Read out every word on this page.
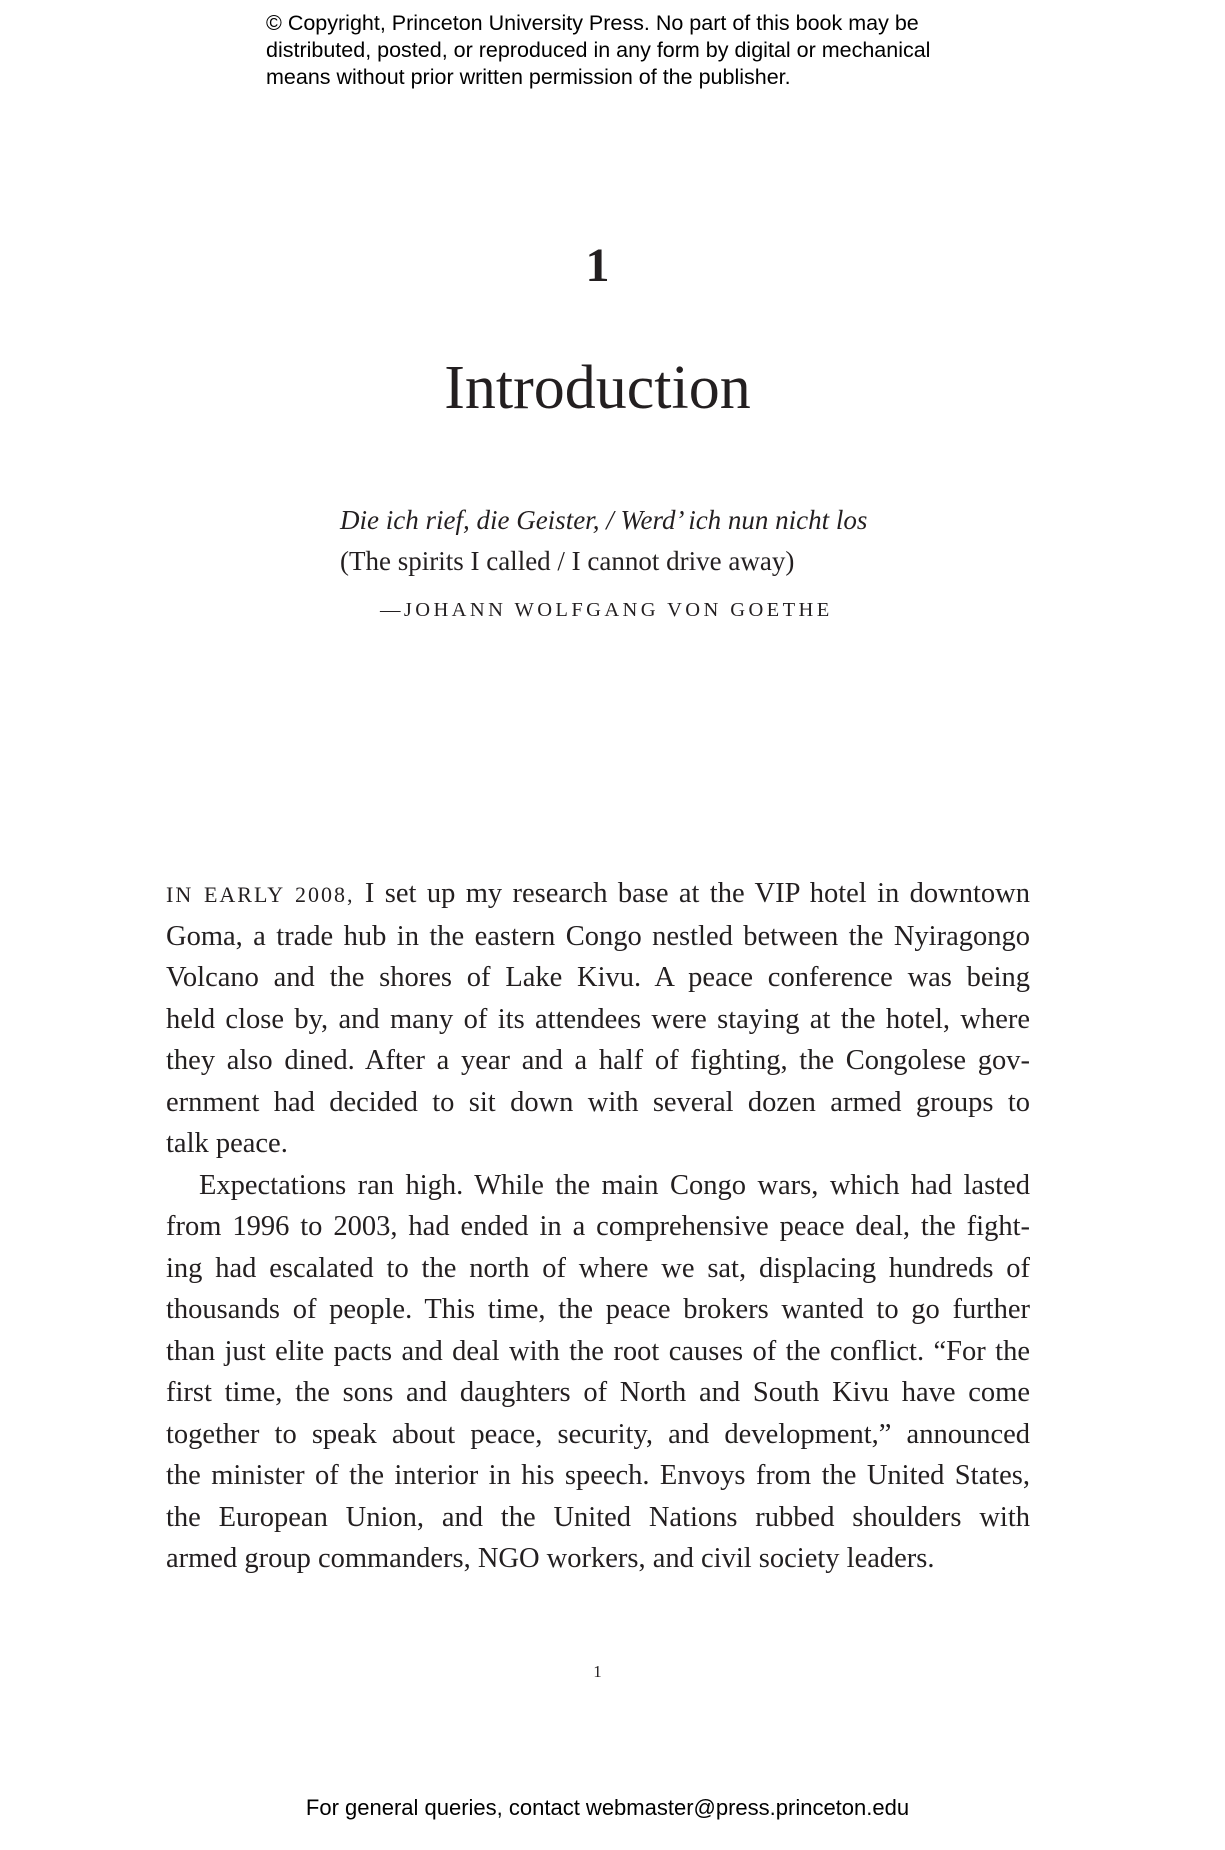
© Copyright, Princeton University Press. No part of this book may be
distributed, posted, or reproduced in any form by digital or mechanical
means without prior written permission of the publisher.
1
Introduction
Die ich rief, die Geister, / Werd’ ich nun nicht los
(The spirits I called / I cannot drive away)
—JOHANN WOLFGANG VON GOETHE
IN EARLY 2008, I set up my research base at the VIP hotel in downtown
Goma, a trade hub in the eastern Congo nestled between the Nyiragongo
Volcano and the shores of Lake Kivu. A peace conference was being
held close by, and many of its attendees were staying at the hotel, where
they also dined. After a year and a half of fighting, the Congolese gov-
ernment had decided to sit down with several dozen armed groups to
talk peace.
Expectations ran high. While the main Congo wars, which had lasted
from 1996 to 2003, had ended in a comprehensive peace deal, the fight-
ing had escalated to the north of where we sat, displacing hundreds of
thousands of people. This time, the peace brokers wanted to go further
than just elite pacts and deal with the root causes of the conflict. “For the
first time, the sons and daughters of North and South Kivu have come
together to speak about peace, security, and development,” announced
the minister of the interior in his speech. Envoys from the United States,
the European Union, and the United Nations rubbed shoulders with
armed group commanders, NGO workers, and civil society leaders.
1
For general queries, contact webmaster@press.princeton.edu
